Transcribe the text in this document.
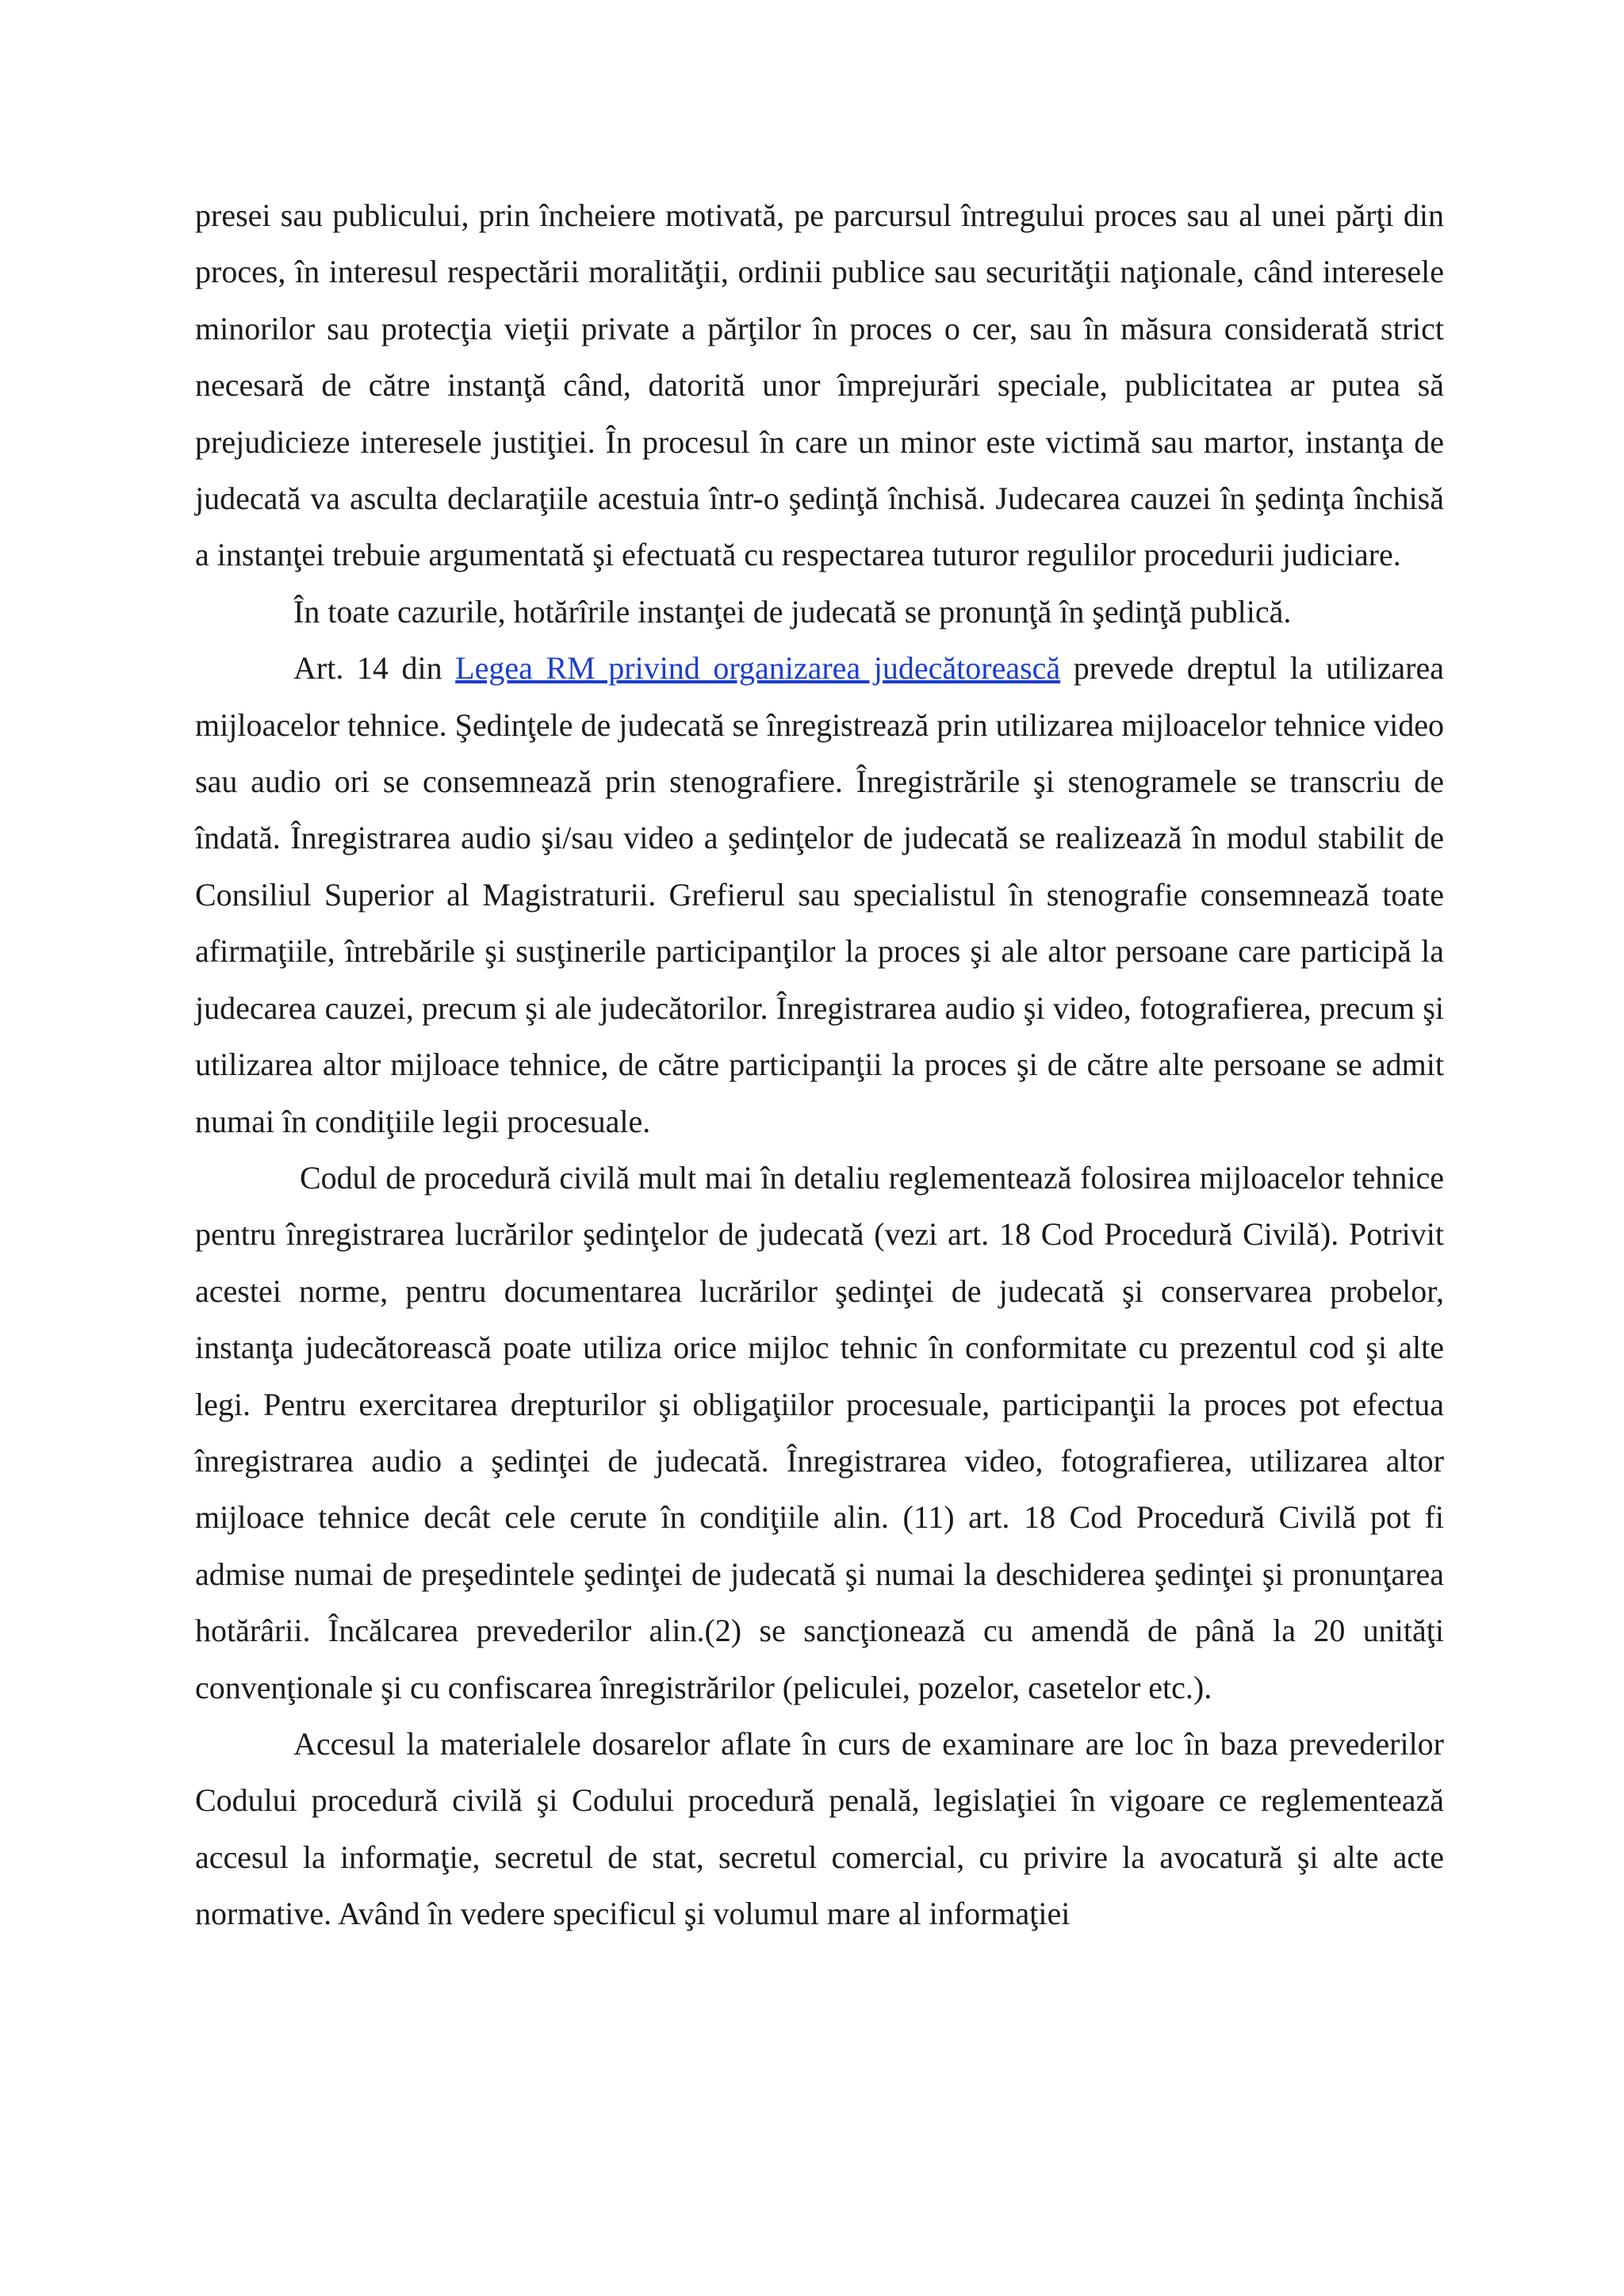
presei sau publicului, prin încheiere motivată, pe parcursul întregului proces sau al unei părţi din proces, în interesul respectării moralităţii, ordinii publice sau securităţii naţionale, când interesele minorilor sau protecţia vieţii private a părţilor în proces o cer, sau în măsura considerată strict necesară de către instanţă când, datorită unor împrejurări speciale, publicitatea ar putea să prejudicieze interesele justiţiei. În procesul în care un minor este victimă sau martor, instanţa de judecată va asculta declaraţiile acestuia într-o şedinţă închisă. Judecarea cauzei în şedinţa închisă a instanţei trebuie argumentată şi efectuată cu respectarea tuturor regulilor procedurii judiciare.

În toate cazurile, hotărîrile instanţei de judecată se pronunţă în şedinţă publică.

Art. 14 din Legea RM privind organizarea judecătorească prevede dreptul la utilizarea mijloacelor tehnice. Şedinţele de judecată se înregistrează prin utilizarea mijloacelor tehnice video sau audio ori se consemnează prin stenografiere. Înregistrările şi stenogramele se transcriu de îndată. Înregistrarea audio şi/sau video a şedinţelor de judecată se realizează în modul stabilit de Consiliul Superior al Magistraturii. Grefierul sau specialistul în stenografie consemnează toate afirmaţiile, întrebările şi susţinerile participanţilor la proces şi ale altor persoane care participă la judecarea cauzei, precum şi ale judecătorilor. Înregistrarea audio şi video, fotografierea, precum şi utilizarea altor mijloace tehnice, de către participanţii la proces şi de către alte persoane se admit numai în condiţiile legii procesuale.

Codul de procedură civilă mult mai în detaliu reglementează folosirea mijloacelor tehnice pentru înregistrarea lucrărilor şedinţelor de judecată (vezi art. 18 Cod Procedură Civilă). Potrivit acestei norme, pentru documentarea lucrărilor şedinţei de judecată şi conservarea probelor, instanţa judecătorească poate utiliza orice mijloc tehnic în conformitate cu prezentul cod şi alte legi. Pentru exercitarea drepturilor şi obligaţiilor procesuale, participanţii la proces pot efectua înregistrarea audio a şedinţei de judecată. Înregistrarea video, fotografierea, utilizarea altor mijloace tehnice decât cele cerute în condiţiile alin. (11) art. 18 Cod Procedură Civilă pot fi admise numai de preşedintele şedinţei de judecată şi numai la deschiderea şedinţei şi pronunţarea hotărârii. Încălcarea prevederilor alin.(2) se sancţionează cu amendă de până la 20 unităţi convenţionale şi cu confiscarea înregistrărilor (peliculei, pozelor, casetelor etc.).

Accesul la materialele dosarelor aflate în curs de examinare are loc în baza prevederilor Codului procedură civilă şi Codului procedură penală, legislaţiei în vigoare ce reglementează accesul la informaţie, secretul de stat, secretul comercial, cu privire la avocatură şi alte acte normative. Având în vedere specificul şi volumul mare al informaţiei
